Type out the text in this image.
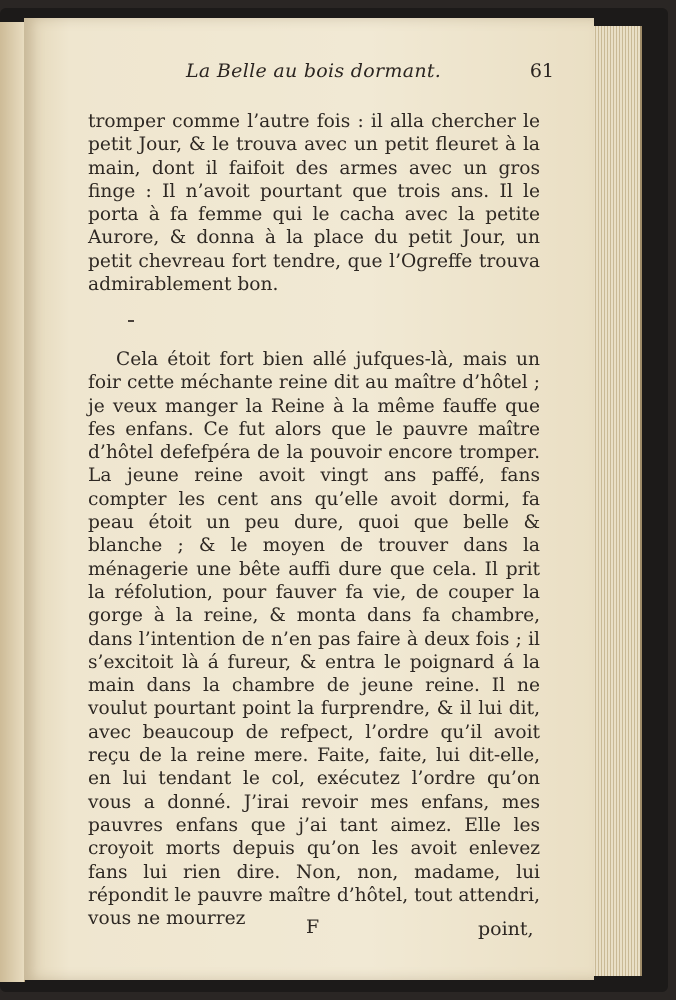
La Belle au bois dormant.	61
tromper comme l’autre fois : il alla chercher le petit Jour, & le trouva avec un petit fleuret à la main, dont il faifoit des armes avec un gros finge : Il n’avoit pourtant que trois ans. Il le porta à fa femme qui le cacha avec la petite Aurore, & donna à la place du petit Jour, un petit chevreau fort tendre, que l’Ogreffe trouva admirablement bon.
Cela étoit fort bien allé jufques-là, mais un foir cette méchante reine dit au maître d’hôtel ; je veux manger la Reine à la même fauffe que fes enfans. Ce fut alors que le pauvre maître d’hôtel defefpéra de la pouvoir encore tromper. La jeune reine avoit vingt ans paffé, fans compter les cent ans qu’elle avoit dormi, fa peau étoit un peu dure, quoi que belle & blanche ; & le moyen de trouver dans la ménagerie une bête auffi dure que cela. Il prit la réfolution, pour fauver fa vie, de couper la gorge à la reine, & monta dans fa chambre, dans l’intention de n’en pas faire à deux fois ; il s’excitoit là á fureur, & entra le poignard á la main dans la chambre de jeune reine. Il ne voulut pourtant point la furprendre, & il lui dit, avec beaucoup de refpect, l’ordre qu’il avoit reçu de la reine mere. Faite, faite, lui dit-elle, en lui tendant le col, exécutez l’ordre qu’on vous a donné. J’irai revoir mes enfans, mes pauvres enfans que j’ai tant aimez. Elle les croyoit morts depuis qu’on les avoit enlevez fans lui rien dire. Non, non, madame, lui répondit le pauvre maître d’hôtel, tout attendri, vous ne mourrez	F	point,
